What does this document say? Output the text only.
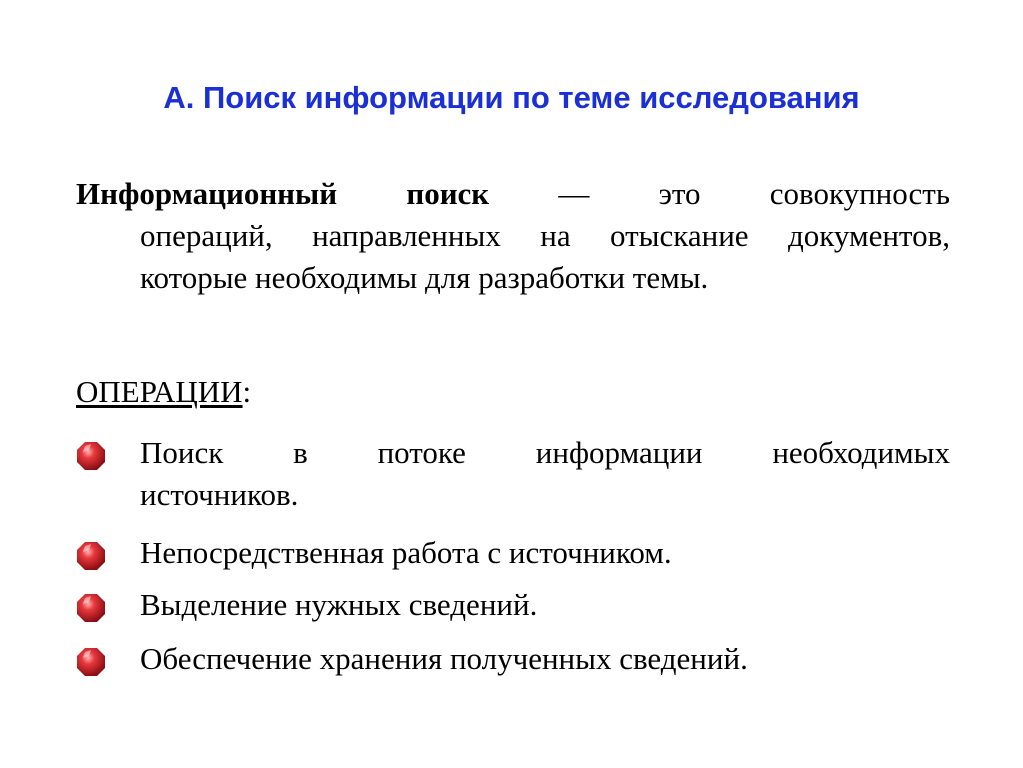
А. Поиск информации по теме исследования
Информационный поиск — это совокупность
операций, направленных на отыскание документов,
которые необходимы для разработки темы.
ОПЕРАЦИИ:
Поиск в потоке информации необходимых
источников.
Непосредственная работа с источником.
Выделение нужных сведений.
Обеспечение хранения полученных сведений.
